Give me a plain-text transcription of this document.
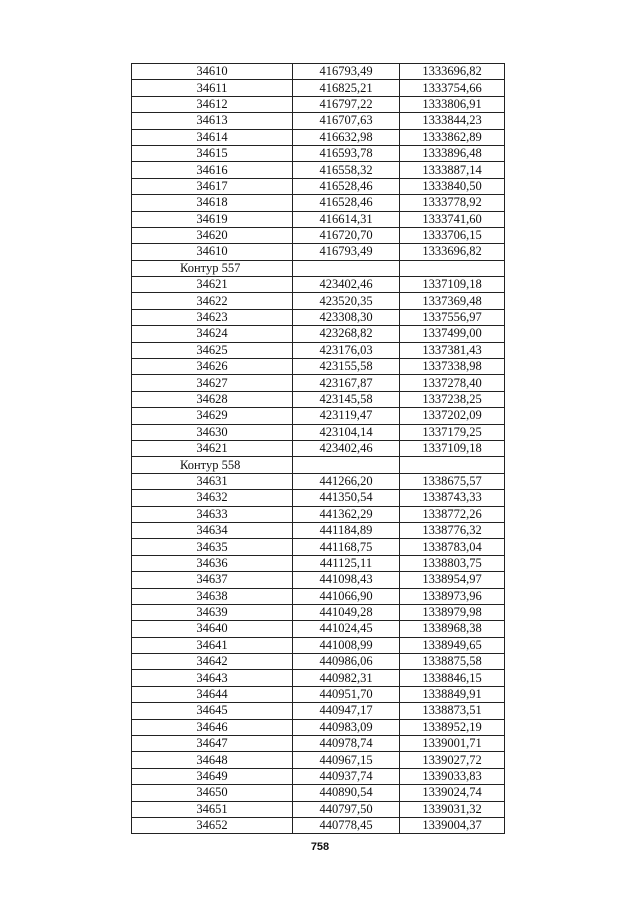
34610	416793,49	1333696,82
34611	416825,21	1333754,66
34612	416797,22	1333806,91
34613	416707,63	1333844,23
34614	416632,98	1333862,89
34615	416593,78	1333896,48
34616	416558,32	1333887,14
34617	416528,46	1333840,50
34618	416528,46	1333778,92
34619	416614,31	1333741,60
34620	416720,70	1333706,15
34610	416793,49	1333696,82
Контур 557		
34621	423402,46	1337109,18
34622	423520,35	1337369,48
34623	423308,30	1337556,97
34624	423268,82	1337499,00
34625	423176,03	1337381,43
34626	423155,58	1337338,98
34627	423167,87	1337278,40
34628	423145,58	1337238,25
34629	423119,47	1337202,09
34630	423104,14	1337179,25
34621	423402,46	1337109,18
Контур 558		
34631	441266,20	1338675,57
34632	441350,54	1338743,33
34633	441362,29	1338772,26
34634	441184,89	1338776,32
34635	441168,75	1338783,04
34636	441125,11	1338803,75
34637	441098,43	1338954,97
34638	441066,90	1338973,96
34639	441049,28	1338979,98
34640	441024,45	1338968,38
34641	441008,99	1338949,65
34642	440986,06	1338875,58
34643	440982,31	1338846,15
34644	440951,70	1338849,91
34645	440947,17	1338873,51
34646	440983,09	1338952,19
34647	440978,74	1339001,71
34648	440967,15	1339027,72
34649	440937,74	1339033,83
34650	440890,54	1339024,74
34651	440797,50	1339031,32
34652	440778,45	1339004,37
758
